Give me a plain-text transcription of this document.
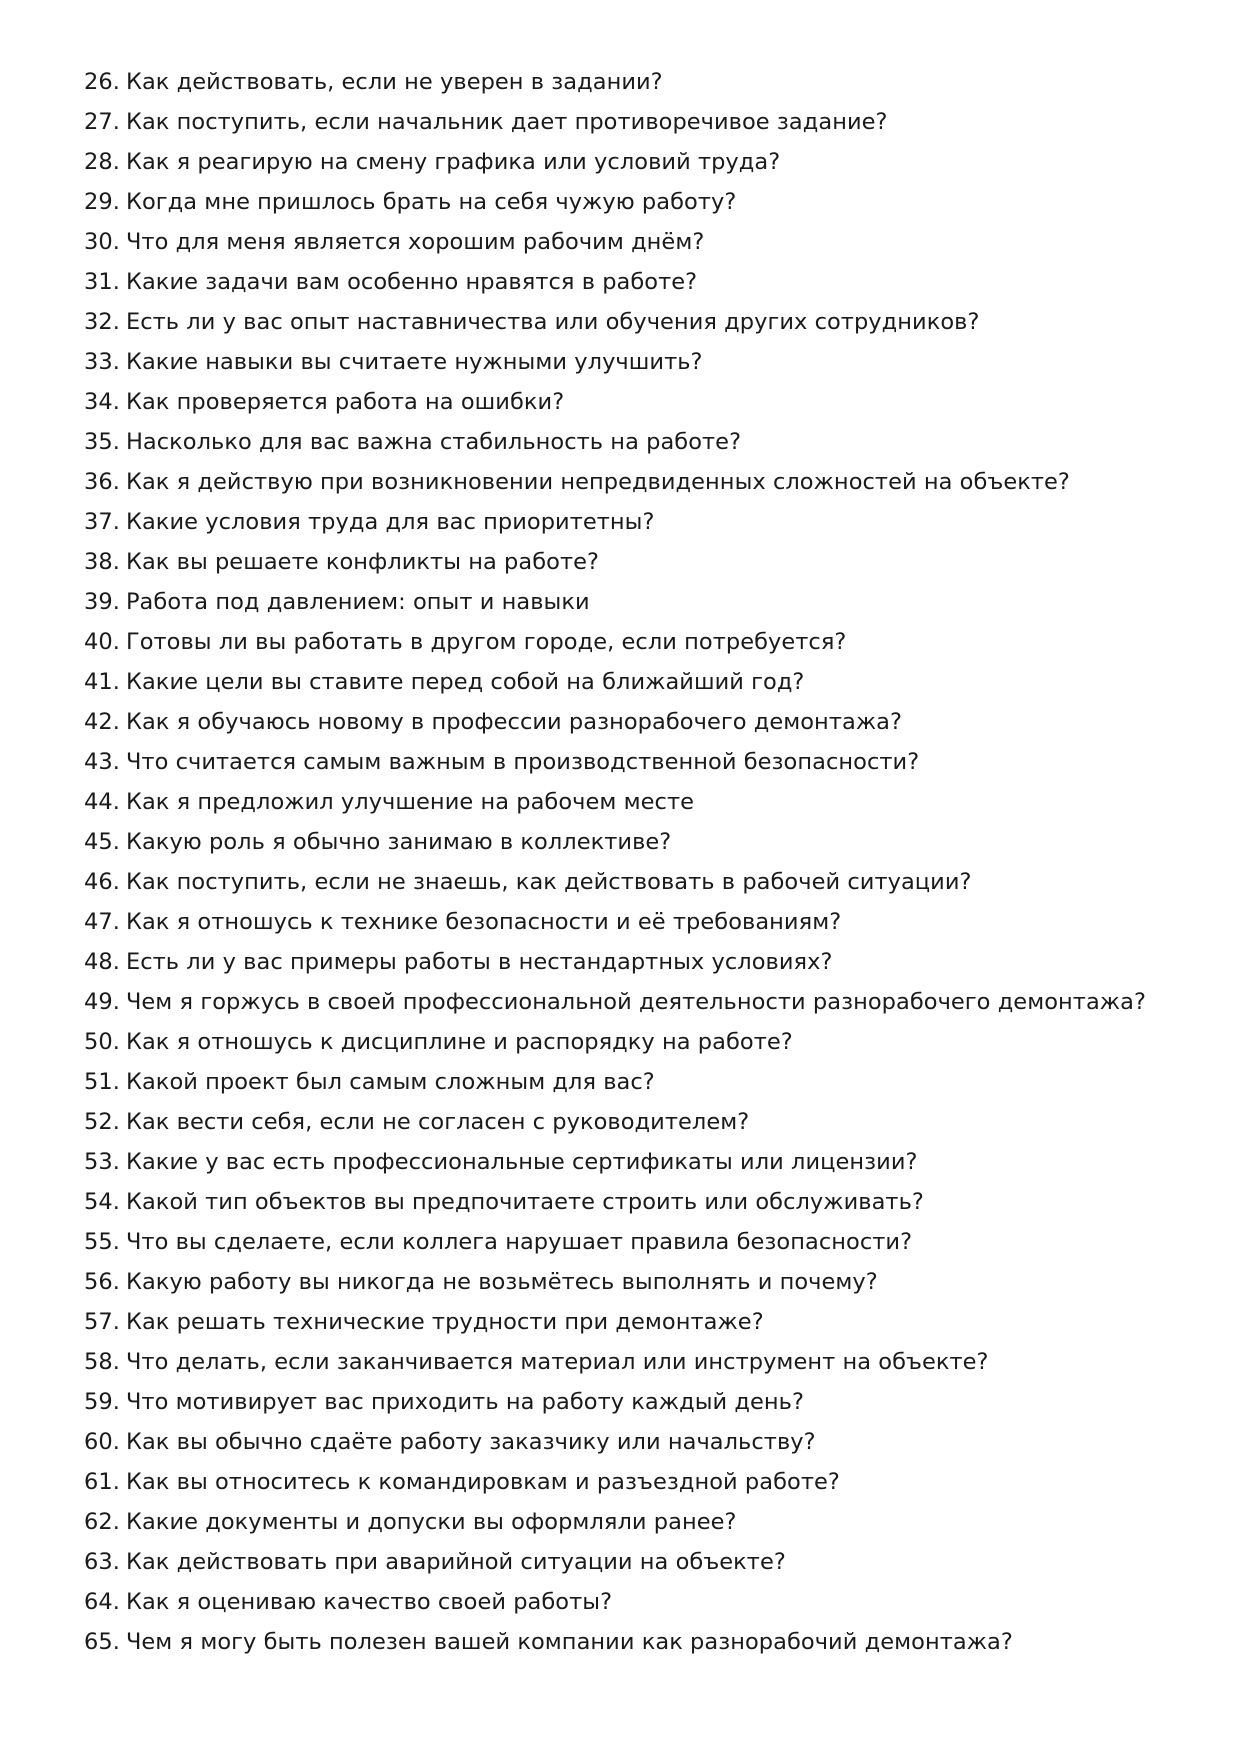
26. Как действовать, если не уверен в задании?
27. Как поступить, если начальник дает противоречивое задание?
28. Как я реагирую на смену графика или условий труда?
29. Когда мне пришлось брать на себя чужую работу?
30. Что для меня является хорошим рабочим днём?
31. Какие задачи вам особенно нравятся в работе?
32. Есть ли у вас опыт наставничества или обучения других сотрудников?
33. Какие навыки вы считаете нужными улучшить?
34. Как проверяется работа на ошибки?
35. Насколько для вас важна стабильность на работе?
36. Как я действую при возникновении непредвиденных сложностей на объекте?
37. Какие условия труда для вас приоритетны?
38. Как вы решаете конфликты на работе?
39. Работа под давлением: опыт и навыки
40. Готовы ли вы работать в другом городе, если потребуется?
41. Какие цели вы ставите перед собой на ближайший год?
42. Как я обучаюсь новому в профессии разнорабочего демонтажа?
43. Что считается самым важным в производственной безопасности?
44. Как я предложил улучшение на рабочем месте
45. Какую роль я обычно занимаю в коллективе?
46. Как поступить, если не знаешь, как действовать в рабочей ситуации?
47. Как я отношусь к технике безопасности и её требованиям?
48. Есть ли у вас примеры работы в нестандартных условиях?
49. Чем я горжусь в своей профессиональной деятельности разнорабочего демонтажа?
50. Как я отношусь к дисциплине и распорядку на работе?
51. Какой проект был самым сложным для вас?
52. Как вести себя, если не согласен с руководителем?
53. Какие у вас есть профессиональные сертификаты или лицензии?
54. Какой тип объектов вы предпочитаете строить или обслуживать?
55. Что вы сделаете, если коллега нарушает правила безопасности?
56. Какую работу вы никогда не возьмётесь выполнять и почему?
57. Как решать технические трудности при демонтаже?
58. Что делать, если заканчивается материал или инструмент на объекте?
59. Что мотивирует вас приходить на работу каждый день?
60. Как вы обычно сдаёте работу заказчику или начальству?
61. Как вы относитесь к командировкам и разъездной работе?
62. Какие документы и допуски вы оформляли ранее?
63. Как действовать при аварийной ситуации на объекте?
64. Как я оцениваю качество своей работы?
65. Чем я могу быть полезен вашей компании как разнорабочий демонтажа?
